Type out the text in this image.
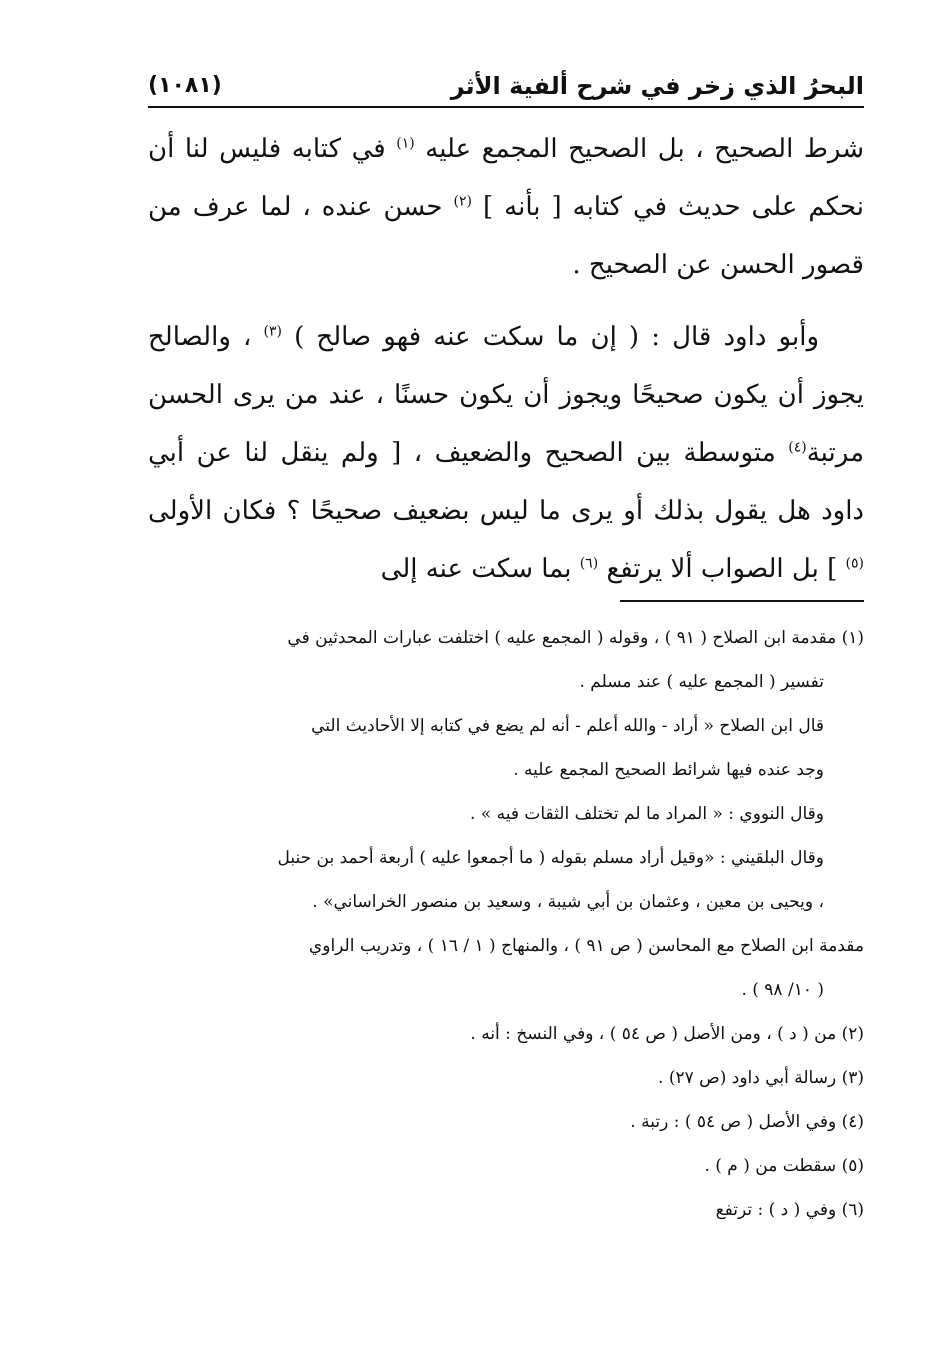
البحرُ الذي زخر في شرح ألفية الأثر
(١٠٨١)

شرط الصحيح ، بل الصحيح المجمع عليه $^{(١)}$ في كتابه فليس لنا أن نحكم على حديث في كتابه [ بأنه ] $^{(٢)}$ حسن عنده ، لما عرف من قصور الحسن عن الصحيح .

وأبو داود قال : ( إن ما سكت عنه فهو صالح ) $^{(٣)}$ ، والصالح يجوز أن يكون صحيحًا ويجوز أن يكون حسنًا ، عند من يرى الحسن مرتبة$^{(٤)}$ متوسطة بين الصحيح والضعيف ، [ ولم ينقل لنا عن أبي داود هل يقول بذلك أو يرى ما ليس بضعيف صحيحًا ؟ فكان الأولى $^{(٥)}$ ] بل الصواب ألا يرتفع $^{(٦)}$ بما سكت عنه إلى

(١) مقدمة ابن الصلاح ( ٩١ ) ، وقوله ( المجمع عليه ) اختلفت عبارات المحدثين في
تفسير ( المجمع عليه ) عند مسلم .
قال ابن الصلاح « أراد - والله أعلم - أنه لم يضع في كتابه إلا الأحاديث التي
وجد عنده فيها شرائط الصحيح المجمع عليه .
وقال النووي : « المراد ما لم تختلف الثقات فيه » .
وقال البلقيني : «وقيل أراد مسلم بقوله ( ما أجمعوا عليه ) أربعة أحمد بن حنبل
، ويحيى بن معين ، وعثمان بن أبي شيبة ، وسعيد بن منصور الخراساني» .
مقدمة ابن الصلاح مع المحاسن ( ص ٩١ ) ، والمنهاج ( ١ / ١٦ ) ، وتدريب الراوي
( ١٠/ ٩٨ ) .
(٢) من ( د ) ، ومن الأصل ( ص ٥٤ ) ، وفي النسخ : أنه .
(٣) رسالة أبي داود (ص ٢٧) .
(٤) وفي الأصل ( ص ٥٤ ) : رتبة .
(٥) سقطت من ( م ) .
(٦) وفي ( د ) : ترتفع
